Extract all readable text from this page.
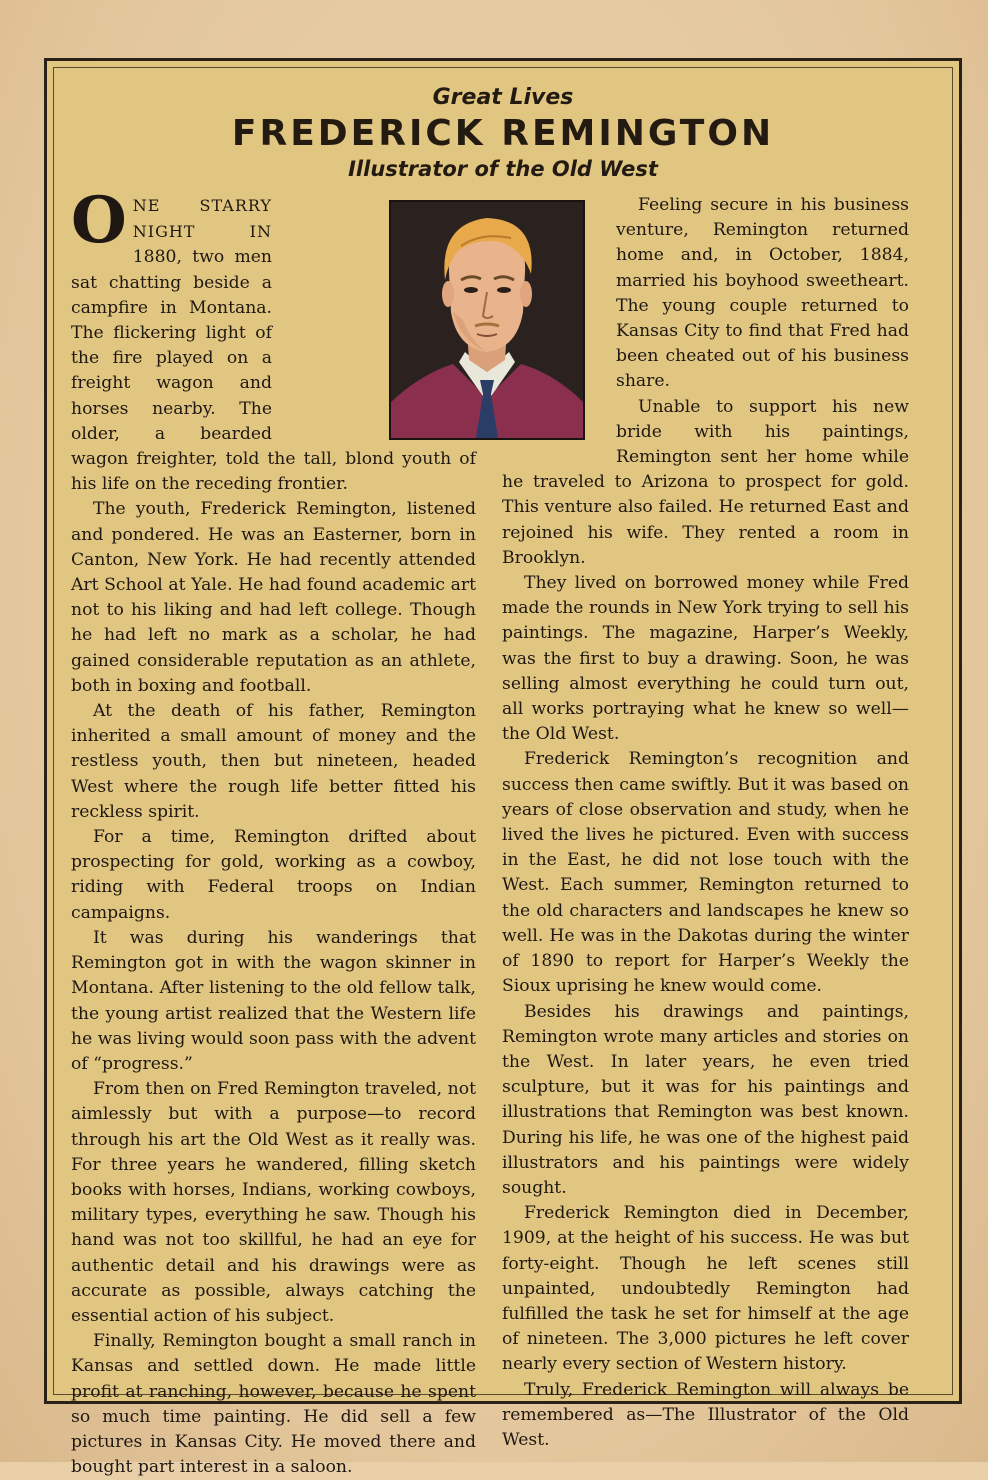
Great Lives
FREDERICK REMINGTON
Illustrator of the Old West

ONE STARRY NIGHT IN 1880, two men sat chatting beside a campfire in Montana. The flickering light of the fire played on a freight wagon and horses nearby. The older, a bearded wagon freighter, told the tall, blond youth of his life on the receding frontier.

The youth, Frederick Remington, listened and pondered. He was an Easterner, born in Canton, New York. He had recently attended Art School at Yale. He had found academic art not to his liking and had left college. Though he had left no mark as a scholar, he had gained considerable reputation as an athlete, both in boxing and football.

At the death of his father, Remington inherited a small amount of money and the restless youth, then but nineteen, headed West where the rough life better fitted his reckless spirit.

For a time, Remington drifted about prospecting for gold, working as a cowboy, riding with Federal troops on Indian campaigns.

It was during his wanderings that Remington got in with the wagon skinner in Montana. After listening to the old fellow talk, the young artist realized that the Western life he was living would soon pass with the advent of “progress.”

From then on Fred Remington traveled, not aimlessly but with a purpose—to record through his art the Old West as it really was. For three years he wandered, filling sketch books with horses, Indians, working cowboys, military types, everything he saw. Though his hand was not too skillful, he had an eye for authentic detail and his drawings were as accurate as possible, always catching the essential action of his subject.

Finally, Remington bought a small ranch in Kansas and settled down. He made little profit at ranching, however, because he spent so much time painting. He did sell a few pictures in Kansas City. He moved there and bought part interest in a saloon.

Feeling secure in his business venture, Remington returned home and, in October, 1884, married his boyhood sweetheart. The young couple returned to Kansas City to find that Fred had been cheated out of his business share.

Unable to support his new bride with his paintings, Remington sent her home while he traveled to Arizona to prospect for gold. This venture also failed. He returned East and rejoined his wife. They rented a room in Brooklyn.

They lived on borrowed money while Fred made the rounds in New York trying to sell his paintings. The magazine, Harper’s Weekly, was the first to buy a drawing. Soon, he was selling almost everything he could turn out, all works portraying what he knew so well—the Old West.

Frederick Remington’s recognition and success then came swiftly. But it was based on years of close observation and study, when he lived the lives he pictured. Even with success in the East, he did not lose touch with the West. Each summer, Remington returned to the old characters and landscapes he knew so well. He was in the Dakotas during the winter of 1890 to report for Harper’s Weekly the Sioux uprising he knew would come.

Besides his drawings and paintings, Remington wrote many articles and stories on the West. In later years, he even tried sculpture, but it was for his paintings and illustrations that Remington was best known. During his life, he was one of the highest paid illustrators and his paintings were widely sought.

Frederick Remington died in December, 1909, at the height of his success. He was but forty-eight. Though he left scenes still unpainted, undoubtedly Remington had fulfilled the task he set for himself at the age of nineteen. The 3,000 pictures he left cover nearly every section of Western history.

Truly, Frederick Remington will always be remembered as—The Illustrator of the Old West.
